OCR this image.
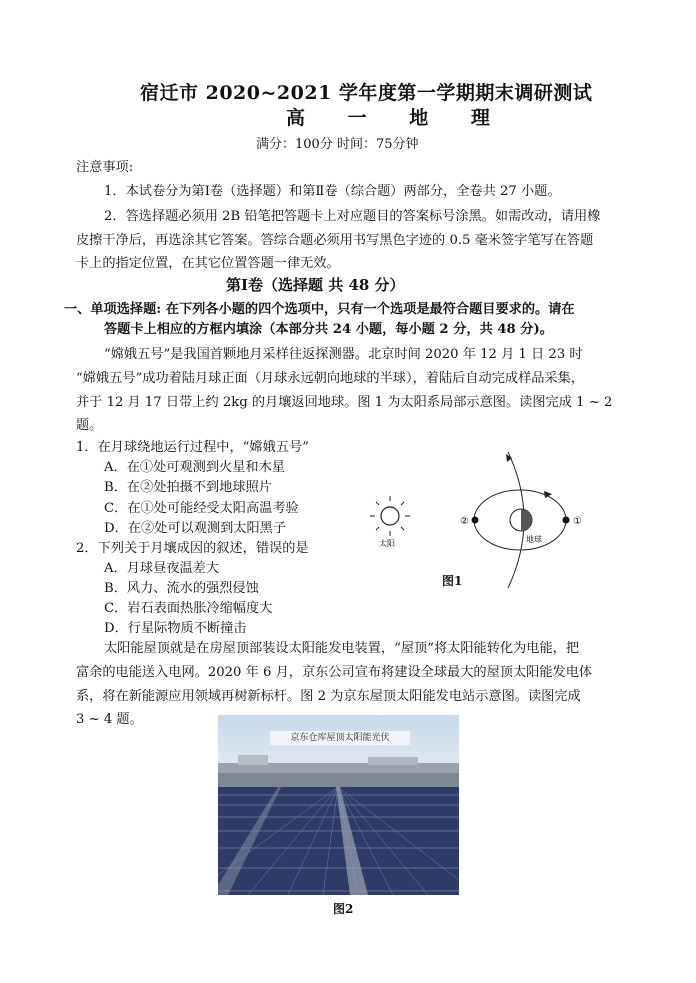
宿迁市 2020~2021 学年度第一学期期末调研测试
高 一 地 理
满分：100分 时间：75分钟
注意事项:
1．本试卷分为第Ⅰ卷（选择题）和第Ⅱ卷（综合题）两部分，全卷共 27 小题。
2．答选择题必须用 2B 铅笔把答题卡上对应题目的答案标号涂黑。如需改动，请用橡
皮擦干净后，再选涂其它答案。答综合题必须用书写黑色字迹的 0.5 毫米签字笔写在答题
卡上的指定位置，在其它位置答题一律无效。
第Ⅰ卷（选择题 共 48 分）
一、单项选择题: 在下列各小题的四个选项中，只有一个选项是最符合题目要求的。请在
答题卡上相应的方框内填涂（本部分共 24 小题，每小题 2 分，共 48 分)。
“嫦娥五号”是我国首颗地月采样往返探测器。北京时间 2020 年 12 月 1 日 23 时
“嫦娥五号”成功着陆月球正面（月球永远朝向地球的半球），着陆后自动完成样品采集，
并于 12 月 17 日带上约 2kg 的月壤返回地球。图 1 为太阳系局部示意图。读图完成 1 ~ 2
题。
1．在月球绕地运行过程中，“嫦娥五号”
A．在①处可观测到火星和木星
B．在②处拍摄不到地球照片
C．在①处可能经受太阳高温考验
D．在②处可以观测到太阳黑子
2．下列关于月壤成因的叙述，错误的是
A．月球昼夜温差大
B．风力、流水的强烈侵蚀
C．岩石表面热胀冷缩幅度大
D．行星际物质不断撞击
太阳	地球
②	①
图1
太阳能屋顶就是在房屋顶部装设太阳能发电装置，“屋顶”将太阳能转化为电能，把
富余的电能送入电网。2020 年 6 月，京东公司宣布将建设全球最大的屋顶太阳能发电体
系，将在新能源应用领域再树新标杆。图 2 为京东屋顶太阳能发电站示意图。读图完成
3 ~ 4 题。
京东仓库屋顶太阳能光伏
图2
